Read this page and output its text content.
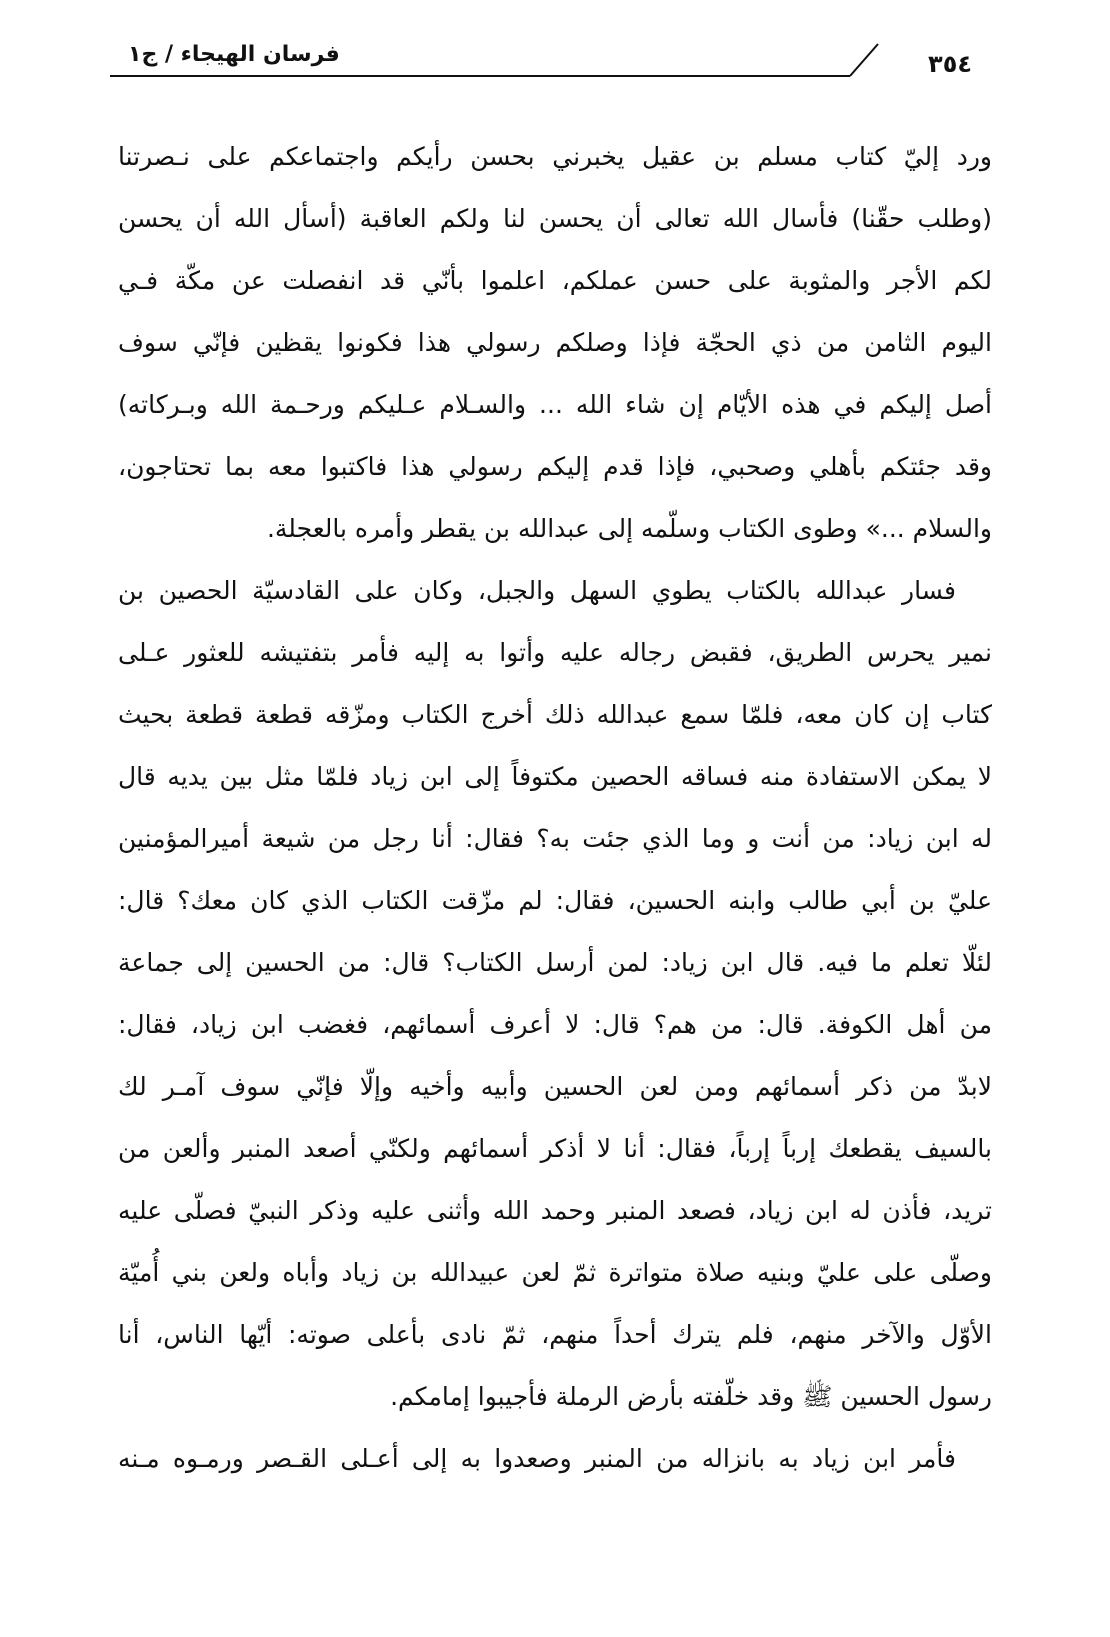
فرسان الهيجاء / ج١	٣٥٤
ورد إليّ كتاب مسلم بن عقيل يخبرني بحسن رأيكم واجتماعكم على نـصرتنا
(وطلب حقّنا) فأسال الله تعالى أن يحسن لنا ولكم العاقبة (أسأل الله أن يحسن
لكم الأجر والمثوبة على حسن عملكم، اعلموا بأنّي قد انفصلت عن مكّة فـي
اليوم الثامن من ذي الحجّة فإذا وصلكم رسولي هذا فكونوا يقظين فإنّي سوف
أصل إليكم في هذه الأيّام إن شاء الله ... والسـلام عـليكم ورحـمة الله وبـركاته)
وقد جئتكم بأهلي وصحبي، فإذا قدم إليكم رسولي هذا فاكتبوا معه بما تحتاجون،
والسلام ...» وطوى الكتاب وسلّمه إلى عبدالله بن يقطر وأمره بالعجلة.
فسار عبدالله بالكتاب يطوي السهل والجبل، وكان على القادسيّة الحصين بن
نمير يحرس الطريق، فقبض رجاله عليه وأتوا به إليه فأمر بتفتيشه للعثور عـلى
كتاب إن كان معه، فلمّا سمع عبدالله ذلك أخرج الكتاب ومزّقه قطعة قطعة بحيث
لا يمكن الاستفادة منه فساقه الحصين مكتوفاً إلى ابن زياد فلمّا مثل بين يديه قال
له ابن زياد: من أنت و وما الذي جئت به؟ فقال: أنا رجل من شيعة أميرالمؤمنين
عليّ بن أبي طالب وابنه الحسين، فقال: لم مزّقت الكتاب الذي كان معك؟ قال:
لئلّا تعلم ما فيه. قال ابن زياد: لمن أرسل الكتاب؟ قال: من الحسين إلى جماعة
من أهل الكوفة. قال: من هم؟ قال: لا أعرف أسمائهم، فغضب ابن زياد، فقال:
لابدّ من ذكر أسمائهم ومن لعن الحسين وأبيه وأخيه وإلّا فإنّي سوف آمـر لك
بالسيف يقطعك إرباً إرباً، فقال: أنا لا أذكر أسمائهم ولكنّي أصعد المنبر وألعن من
تريد، فأذن له ابن زياد، فصعد المنبر وحمد الله وأثنى عليه وذكر النبيّ فصلّى عليه
وصلّى على عليّ وبنيه صلاة متواترة ثمّ لعن عبيدالله بن زياد وأباه ولعن بني أُميّة
الأوّل والآخر منهم، فلم يترك أحداً منهم، ثمّ نادى بأعلى صوته: أيّها الناس، أنا
رسول الحسين ﷺ وقد خلّفته بأرض الرملة فأجيبوا إمامكم.
فأمر ابن زياد به بانزاله من المنبر وصعدوا به إلى أعـلى القـصر ورمـوه مـنه
